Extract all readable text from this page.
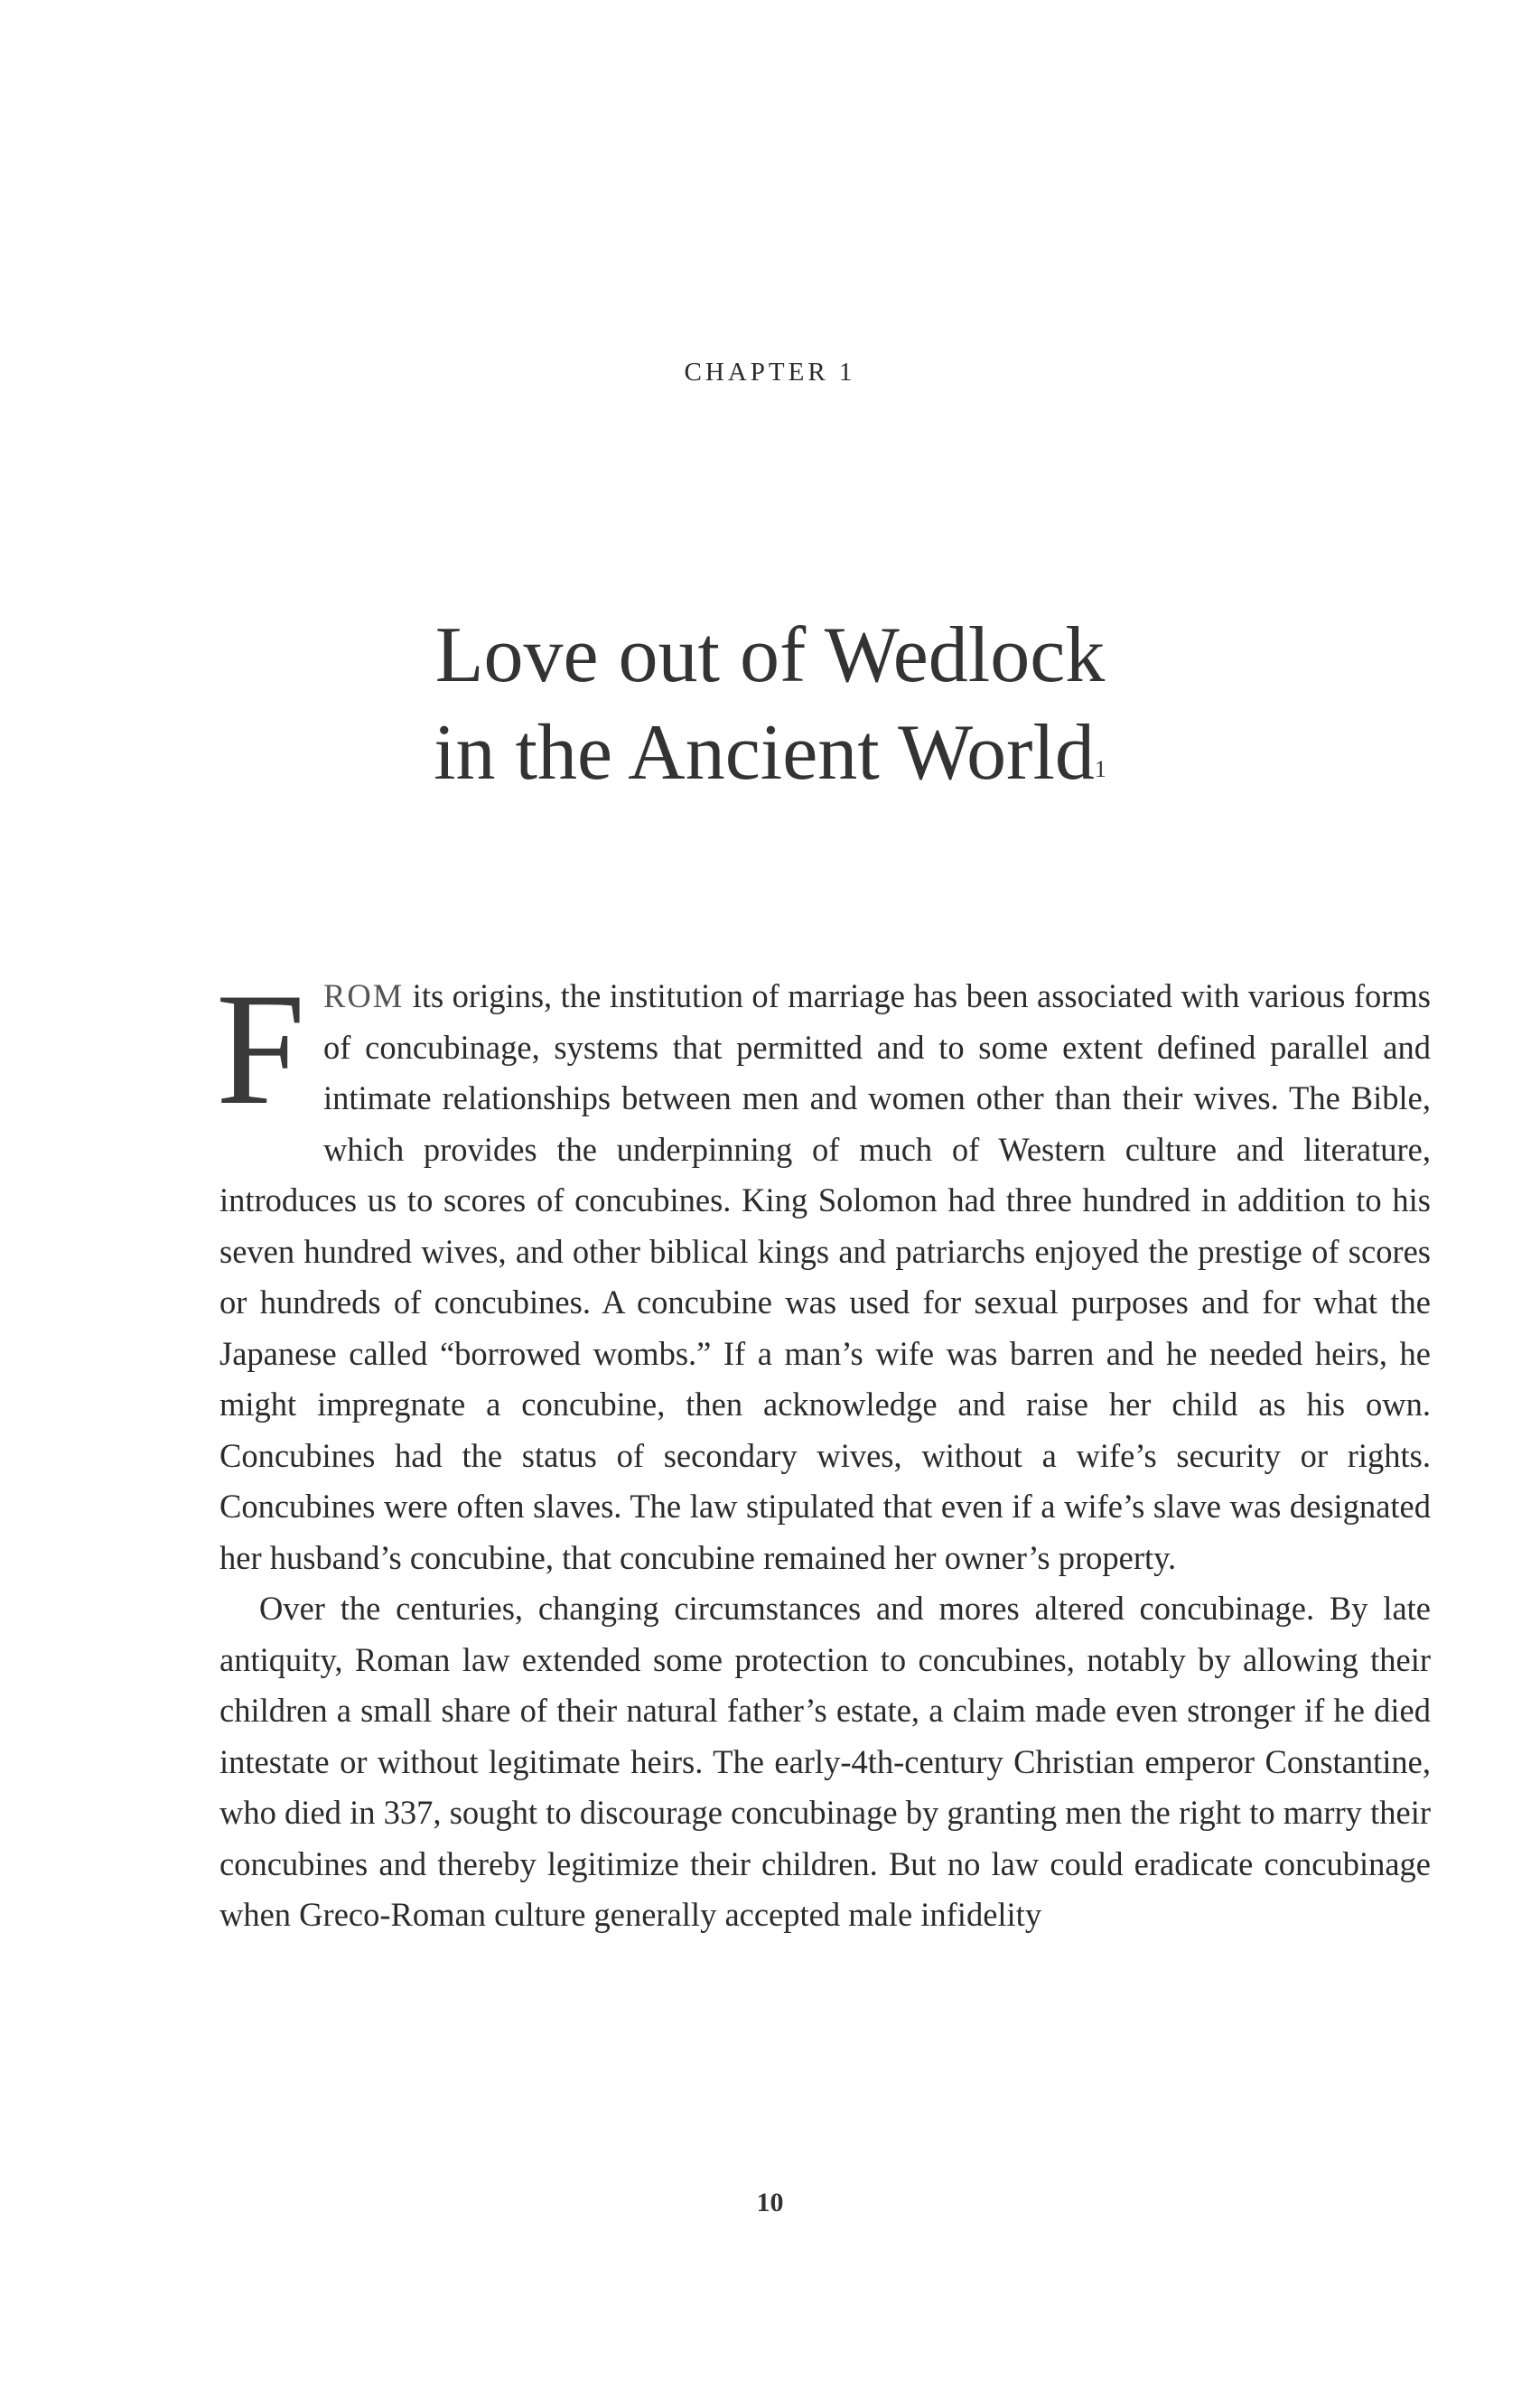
CHAPTER 1
Love out of Wedlock
in the Ancient World$^1$

FROM its origins, the institution of marriage has been associated with various forms of concubinage, systems that permitted and to some extent defined parallel and intimate relationships between men and women other than their wives. The Bible, which provides the underpinning of much of Western culture and literature, introduces us to scores of concubines. King Solomon had three hundred in addition to his seven hundred wives, and other biblical kings and patriarchs enjoyed the prestige of scores or hundreds of concubines. A concubine was used for sexual purposes and for what the Japanese called “borrowed wombs.” If a man’s wife was barren and he needed heirs, he might impregnate a concubine, then acknowledge and raise her child as his own. Concubines had the status of secondary wives, without a wife’s security or rights. Concubines were often slaves. The law stipulated that even if a wife’s slave was designated her husband’s concubine, that concubine remained her owner’s property.

Over the centuries, changing circumstances and mores altered concubinage. By late antiquity, Roman law extended some protection to concubines, notably by allowing their children a small share of their natural father’s estate, a claim made even stronger if he died intestate or without legitimate heirs. The early-4th-century Christian emperor Constantine, who died in 337, sought to discourage concubinage by granting men the right to marry their concubines and thereby legitimize their children. But no law could eradicate concubinage when Greco-Roman culture generally accepted male infidelity

10
